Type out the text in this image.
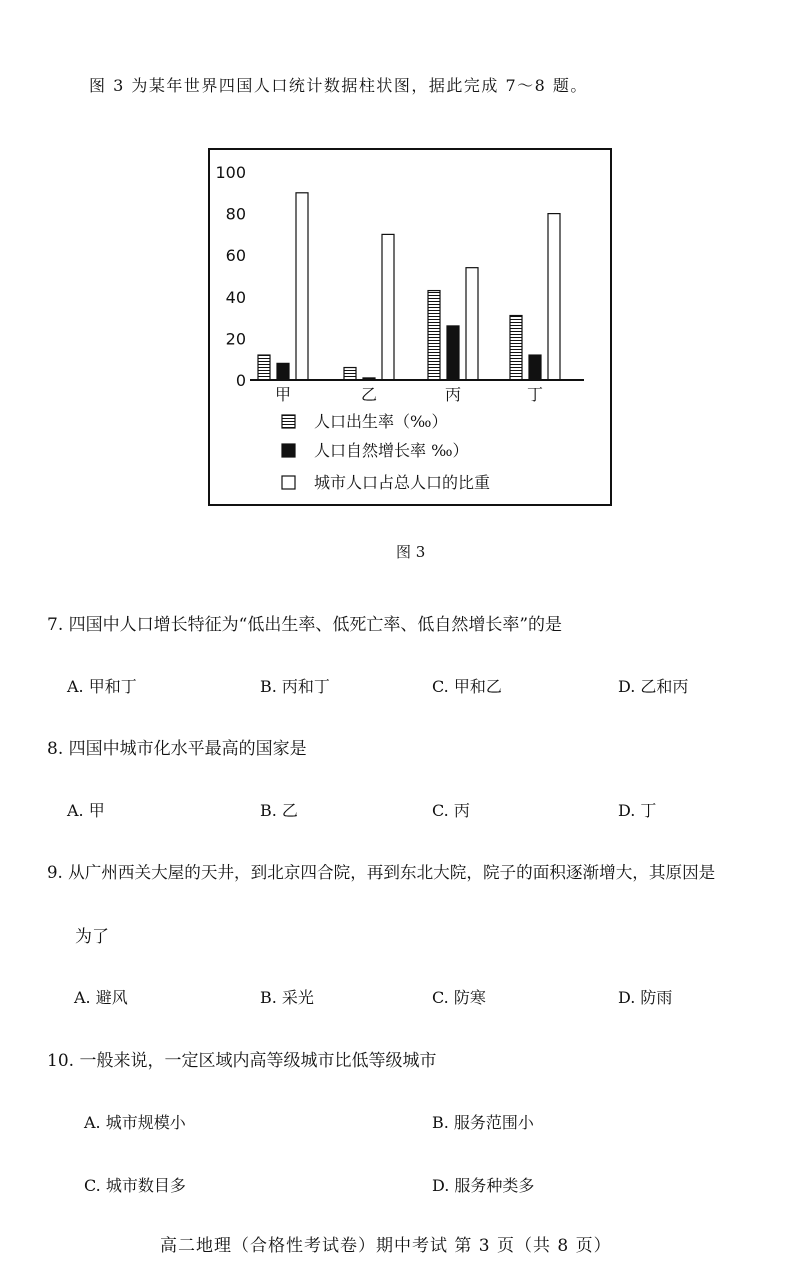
图 3 为某年世界四国人口统计数据柱状图，据此完成 7～8 题。
0
20
40
60
80
100
甲	乙	丙	丁
人口出生率（‰）
人口自然增长率 ‰）
城市人口占总人口的比重
图 3
7. 四国中人口增长特征为“低出生率、低死亡率、低自然增长率”的是
A. 甲和丁	B. 丙和丁	C. 甲和乙	D. 乙和丙
8. 四国中城市化水平最高的国家是
A. 甲	B. 乙	C. 丙	D. 丁
9. 从广州西关大屋的天井，到北京四合院，再到东北大院，院子的面积逐渐增大，其原因是
为了
A. 避风	B. 采光	C. 防寒	D. 防雨
10. 一般来说，一定区域内高等级城市比低等级城市
A. 城市规模小	B. 服务范围小
C. 城市数目多	D. 服务种类多
高二地理（合格性考试卷）期中考试 第 3 页（共 8 页）
